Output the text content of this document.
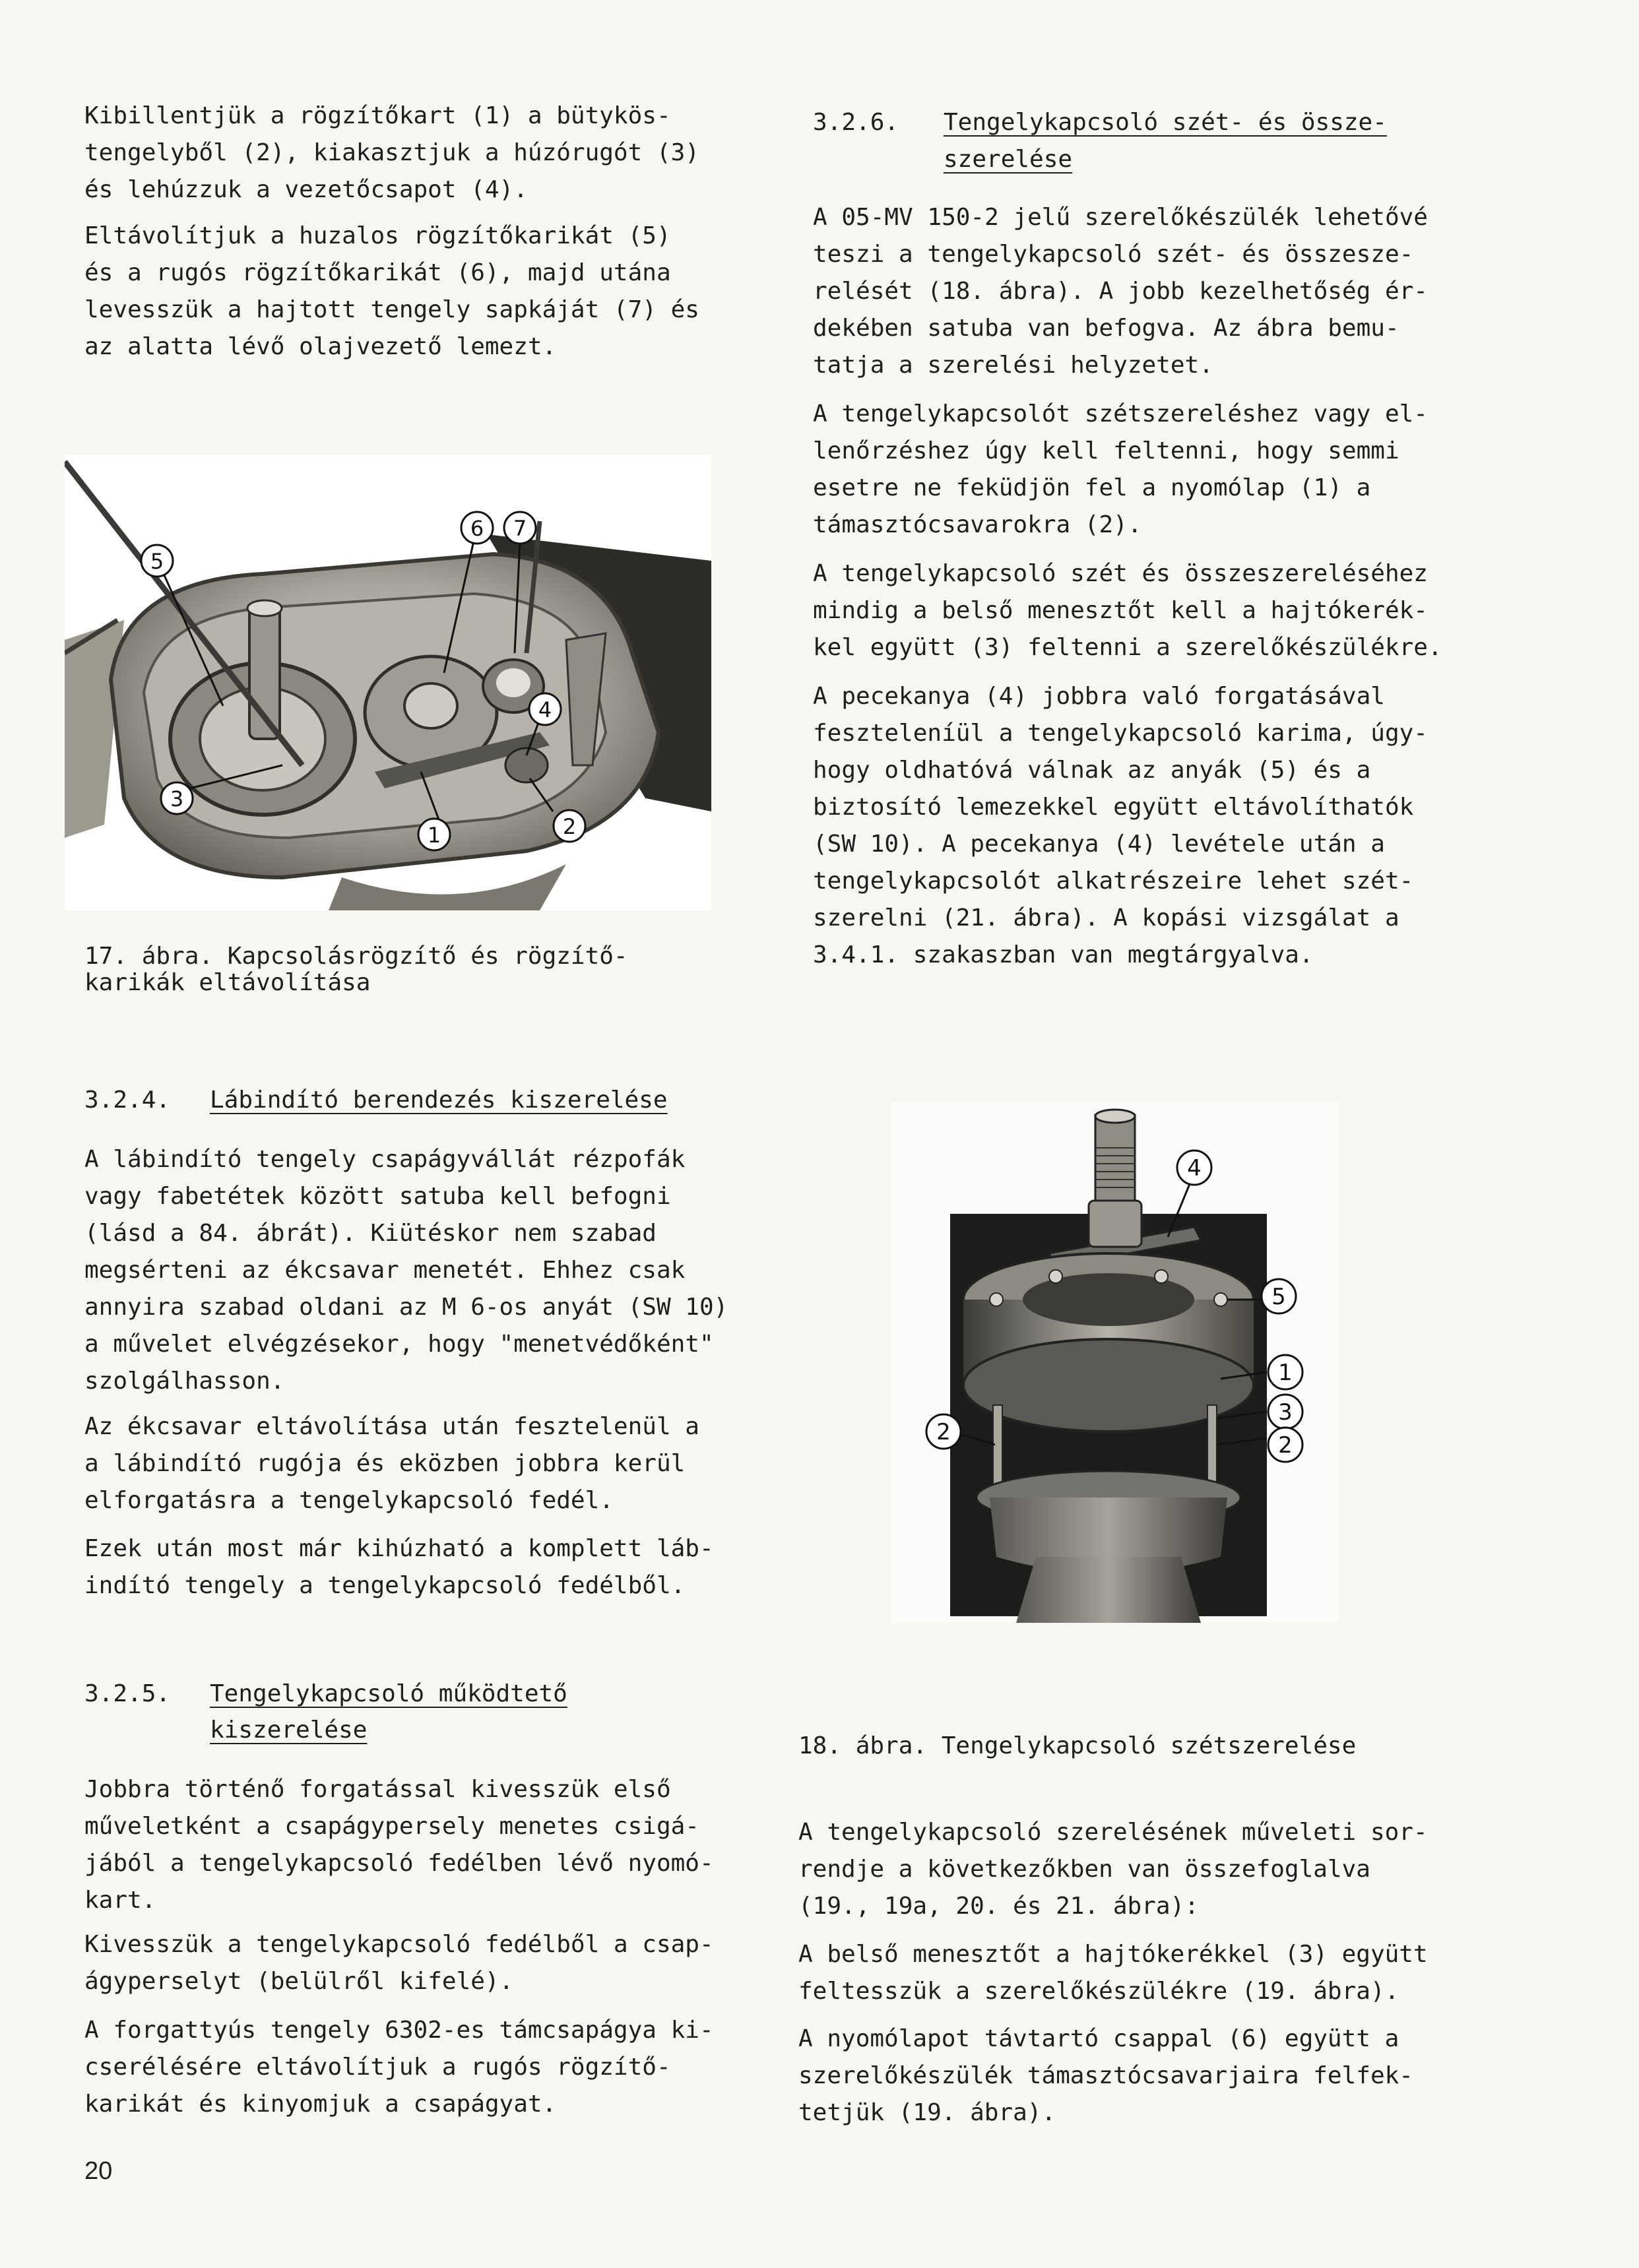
Kibillentjük a rögzítőkart (1) a bütykös-
tengelyből (2), kiakasztjuk a húzórugót (3)
és lehúzzuk a vezetőcsapot (4).

Eltávolítjuk a huzalos rögzítőkarikát (5)
és a rugós rögzítőkarikát (6), majd utána
levesszük a hajtott tengely sapkáját (7) és
az alatta lévő olajvezető lemezt.

5
6 7
4
3
1	2

17. ábra. Kapcsolásrögzítő és rögzítő-
karikák eltávolítása

3.2.4. Lábindító berendezés kiszerelése

A lábindító tengely csapágyvállát rézpofák
vagy fabetétek között satuba kell befogni
(lásd a 84. ábrát). Kiütéskor nem szabad
megsérteni az ékcsavar menetét. Ehhez csak
annyira szabad oldani az M 6-os anyát (SW 10)
a művelet elvégzésekor, hogy "menetvédőként"
szolgálhasson.

Az ékcsavar eltávolítása után fesztelenül a
a lábindító rugója és eközben jobbra kerül
elforgatásra a tengelykapcsoló fedél.

Ezek után most már kihúzható a komplett láb-
indító tengely a tengelykapcsoló fedélből.

3.2.5. Tengelykapcsoló működtető

kiszerelése

Jobbra történő forgatással kivesszük első
műveletként a csapágypersely menetes csigá-
jából a tengelykapcsoló fedélben lévő nyomó-
kart.

Kivesszük a tengelykapcsoló fedélből a csap-
ágyperselyt (belülről kifelé).

A forgattyús tengely 6302-es támcsapágya ki-
cserélésére eltávolítjuk a rugós rögzítő-
karikát és kinyomjuk a csapágyat.

20

3.2.6. Tengelykapcsoló szét- és össze-

szerelése

A 05-MV 150-2 jelű szerelőkészülék lehetővé
teszi a tengelykapcsoló szét- és összesze-
relését (18. ábra). A jobb kezelhetőség ér-
dekében satuba van befogva. Az ábra bemu-
tatja a szerelési helyzetet.

A tengelykapcsolót szétszereléshez vagy el-
lenőrzéshez úgy kell feltenni, hogy semmi
esetre ne feküdjön fel a nyomólap (1) a
támasztócsavarokra (2).

A tengelykapcsoló szét és összeszereléséhez
mindig a belső menesztőt kell a hajtókerék-
kel együtt (3) feltenni a szerelőkészülékre.

A pecekanya (4) jobbra való forgatásával
feszteleníül a tengelykapcsoló karima, úgy-
hogy oldhatóvá válnak az anyák (5) és a
biztosító lemezekkel együtt eltávolíthatók
(SW 10). A pecekanya (4) levétele után a
tengelykapcsolót alkatrészeire lehet szét-
szerelni (21. ábra). A kopási vizsgálat a
3.4.1. szakaszban van megtárgyalva.

4
5
1
3
2
2

18. ábra. Tengelykapcsoló szétszerelése

A tengelykapcsoló szerelésének műveleti sor-
rendje a következőkben van összefoglalva
(19., 19a, 20. és 21. ábra):

A belső menesztőt a hajtókerékkel (3) együtt
feltesszük a szerelőkészülékre (19. ábra).

A nyomólapot távtartó csappal (6) együtt a
szerelőkészülék támasztócsavarjaira felfek-
tetjük (19. ábra).
